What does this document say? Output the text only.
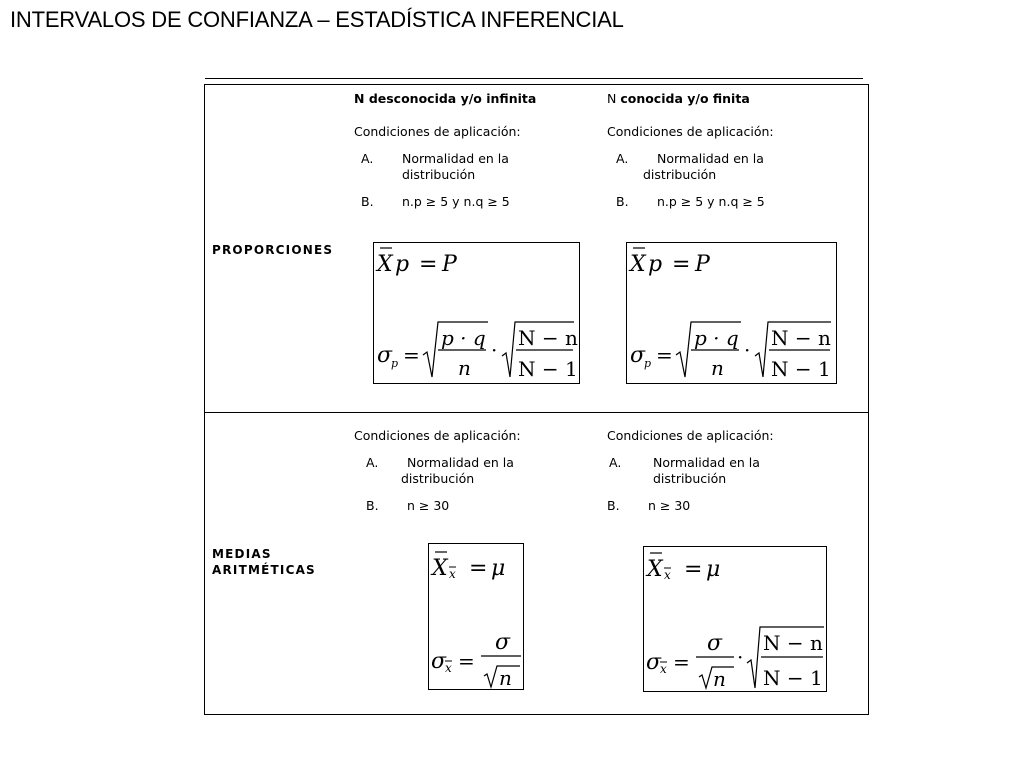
INTERVALOS DE CONFIANZA – ESTADÍSTICA INFERENCIAL
N desconocida y/o infinita	N conocida y/o finita
PROPORCIONES
Condiciones de aplicación:
A. Normalidad en la
distribución
B. n.p ≥ 5 y n.q ≥ 5
Condiciones de aplicación:
A. Normalidad en la
distribución
B. n.p ≥ 5 y n.q ≥ 5
X p =
P
σ
p =
p · q
n
· N − n
N − 1
X p =
P
σ
p =
p · q
n
· N − n
N − 1
MEDIAS
ARITMÉTICAS
Condiciones de aplicación:
A. Normalidad en la
distribución
B. n ≥ 30
Condiciones de aplicación:
A.	Normalidad en la
distribución
B. n ≥ 30
X x =
μ
σ
x =
σ
n
X x =
μ
σ
x =
σ
n
·
N − n
N − 1
